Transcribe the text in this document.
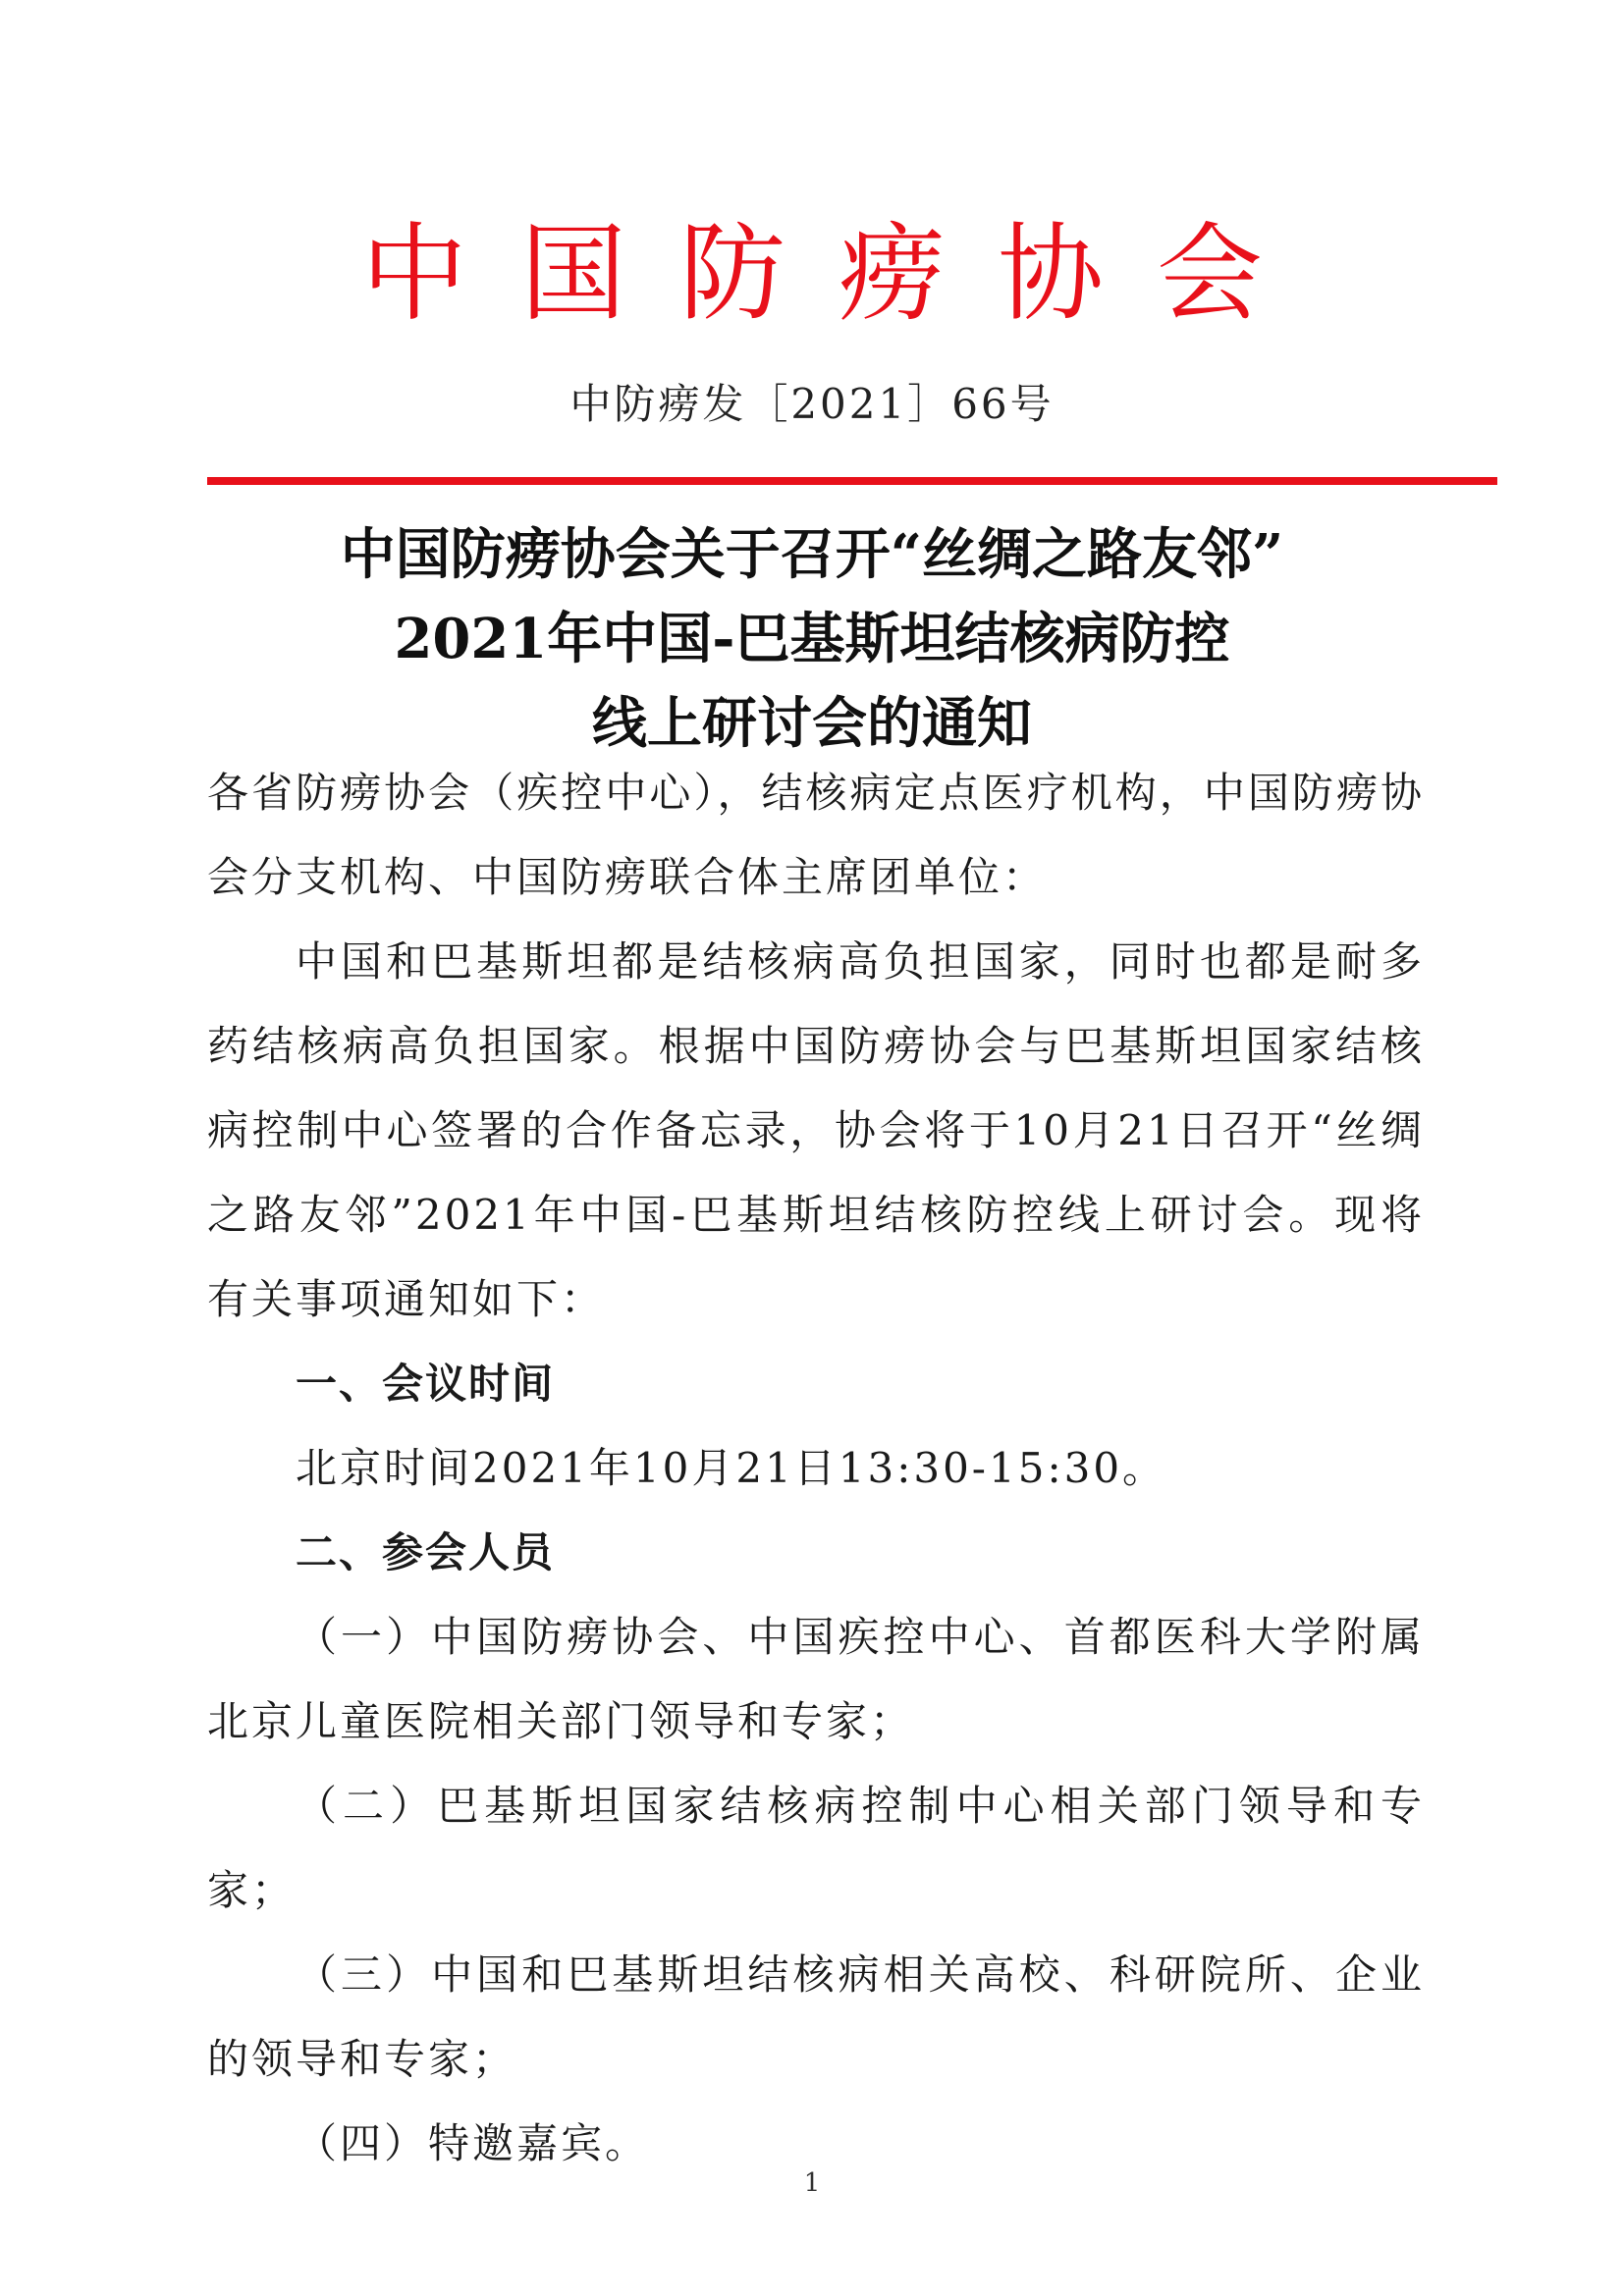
中国防痨协会
中防痨发［2021］66号
中国防痨协会关于召开“丝绸之路友邻”
2021年中国-巴基斯坦结核病防控
线上研讨会的通知

各省防痨协会（疾控中心），结核病定点医疗机构，中国防痨协会分支机构、中国防痨联合体主席团单位：

中国和巴基斯坦都是结核病高负担国家，同时也都是耐多药结核病高负担国家。根据中国防痨协会与巴基斯坦国家结核病控制中心签署的合作备忘录，协会将于10月21日召开“丝绸之路友邻”2021年中国-巴基斯坦结核防控线上研讨会。现将有关事项通知如下：

一、会议时间

北京时间2021年10月21日13:30-15:30。

二、参会人员

（一）中国防痨协会、中国疾控中心、首都医科大学附属北京儿童医院相关部门领导和专家；

（二）巴基斯坦国家结核病控制中心相关部门领导和专家；

（三）中国和巴基斯坦结核病相关高校、科研院所、企业的领导和专家；

（四）特邀嘉宾。

1
